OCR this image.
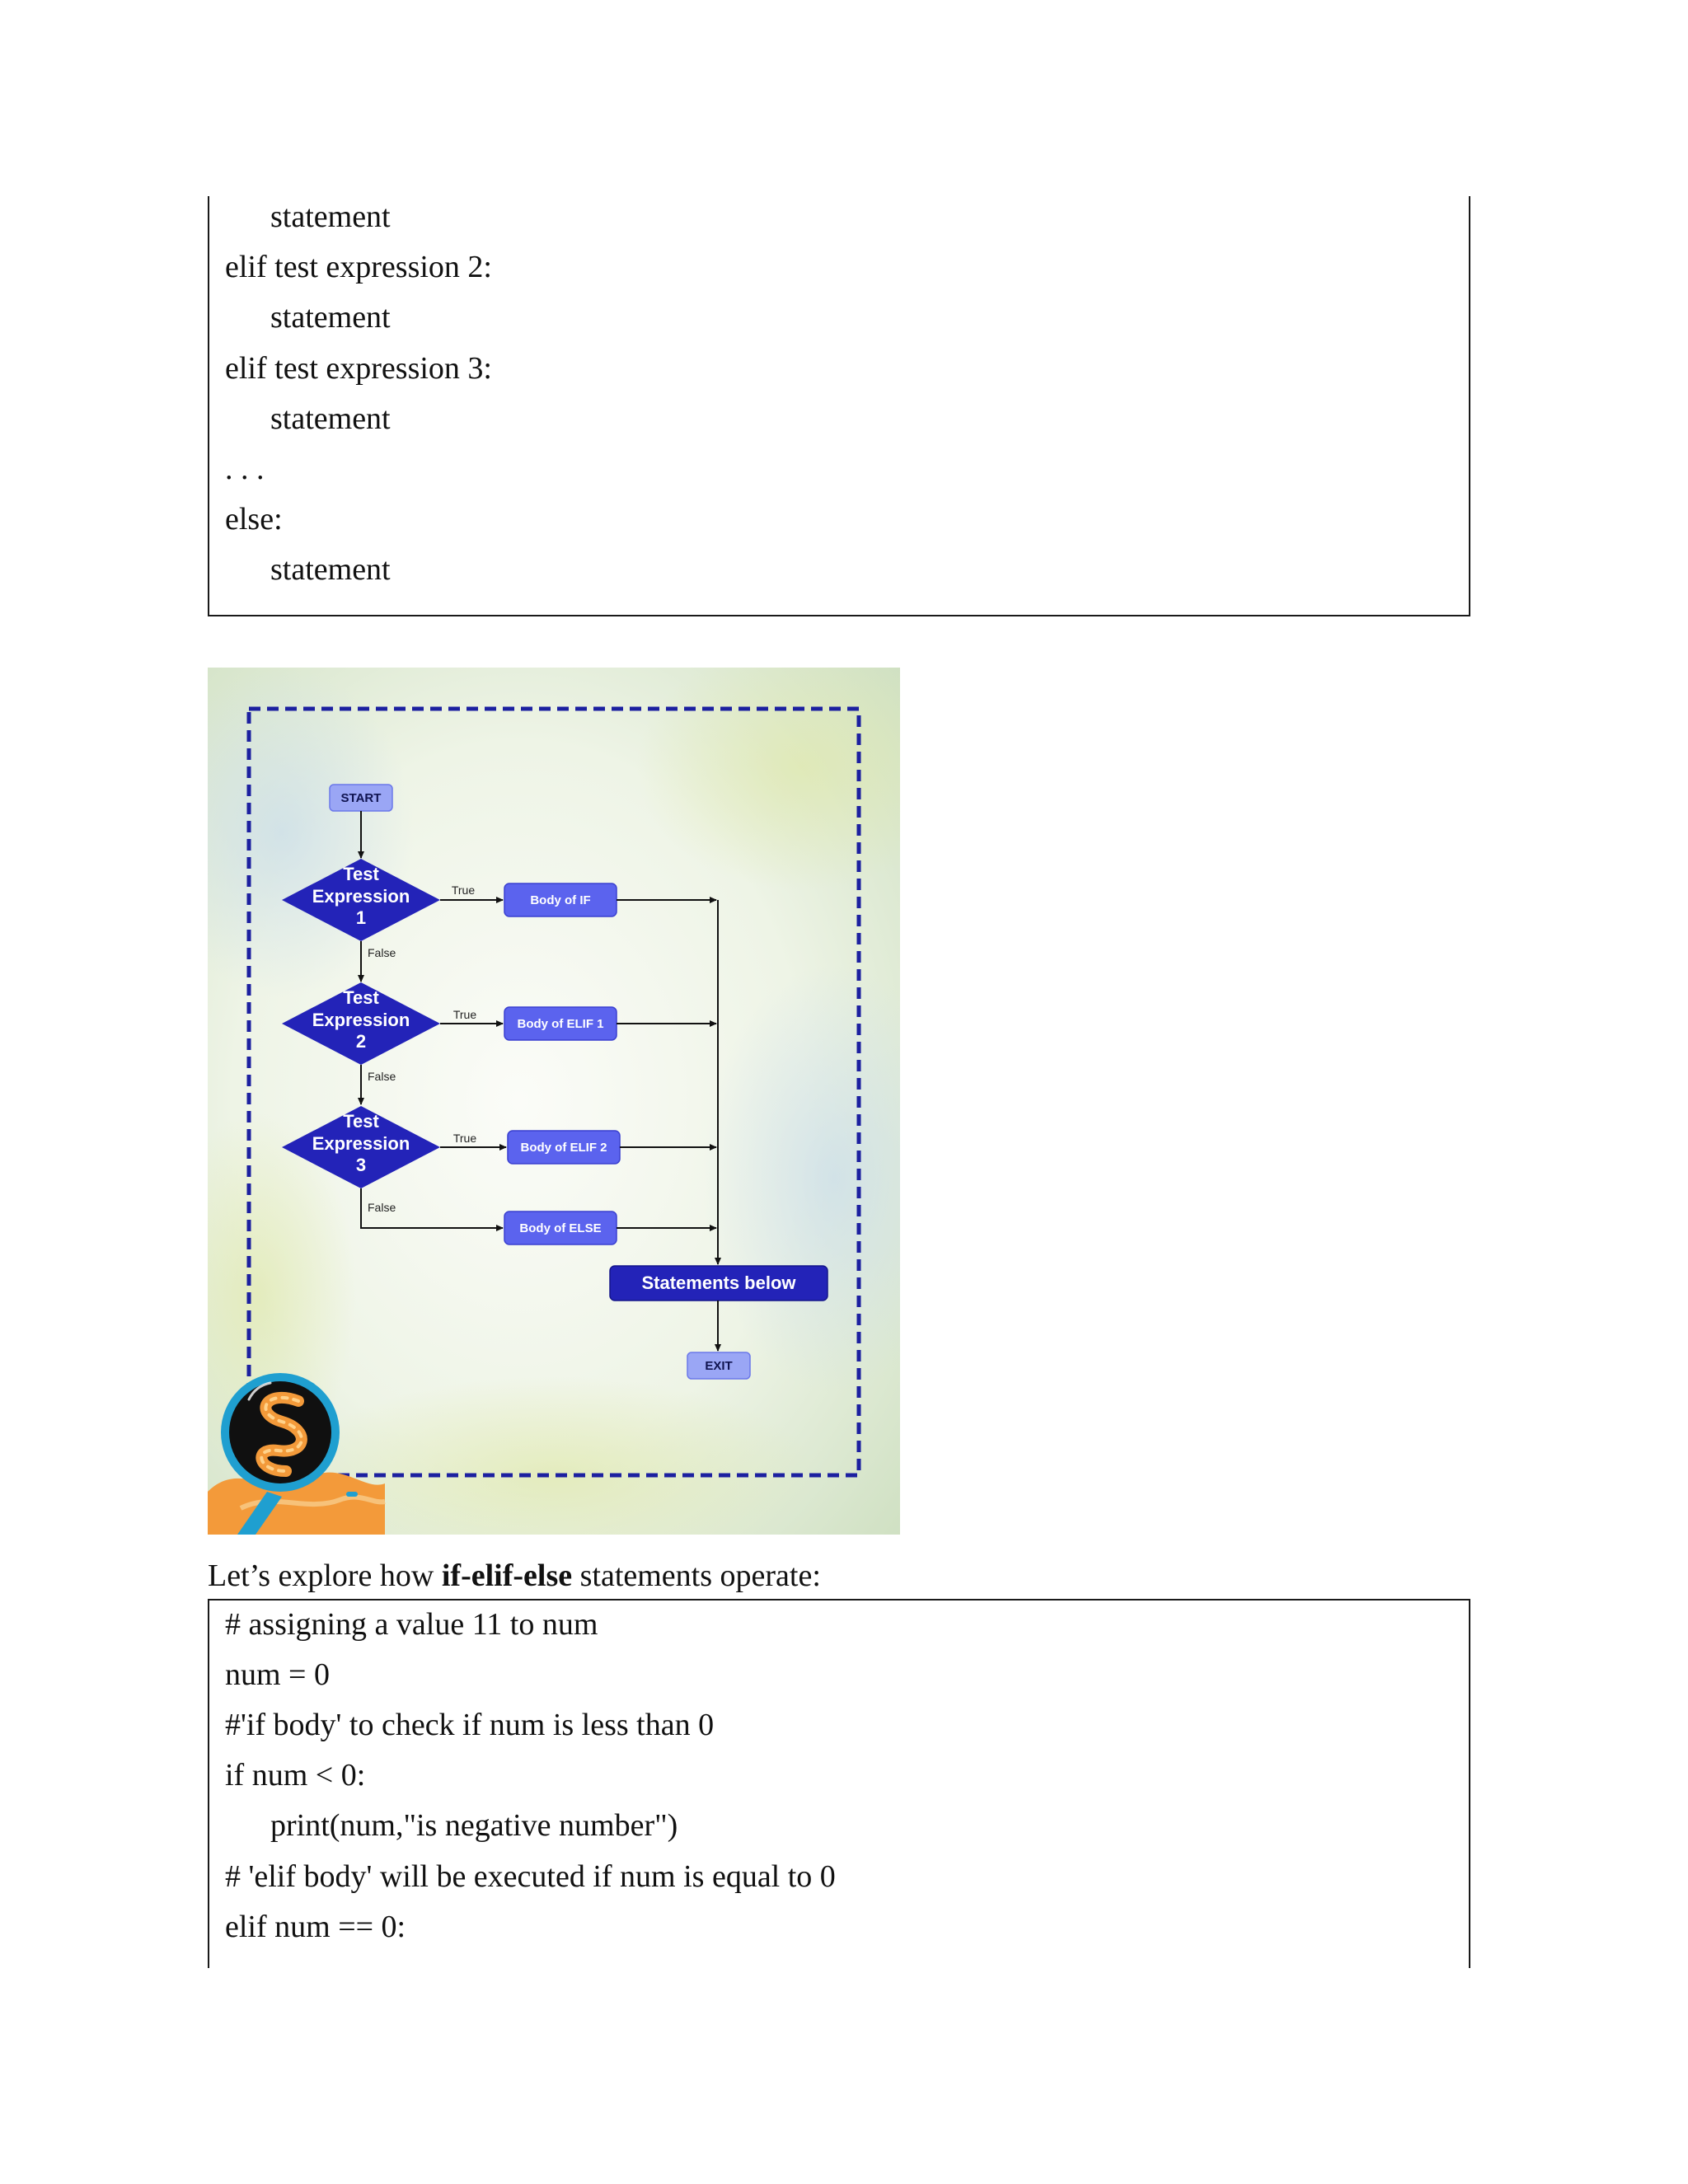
statement
elif test expression 2:
statement
elif test expression 3:
statement
. . .
else:
statement
START
Test
Expression
1
True
False
Body of IF
Test
Expression
2
True
False
Body of ELIF 1
Test
Expression
3
True
False
Body of ELIF 2
Body of ELSE
Statements below
EXIT
Let’s explore how if-elif-else statements operate:
# assigning a value 11 to num
num = 0
#'if body' to check if num is less than 0
if num < 0:
print(num,"is negative number")
# 'elif body' will be executed if num is equal to 0
elif num == 0:
